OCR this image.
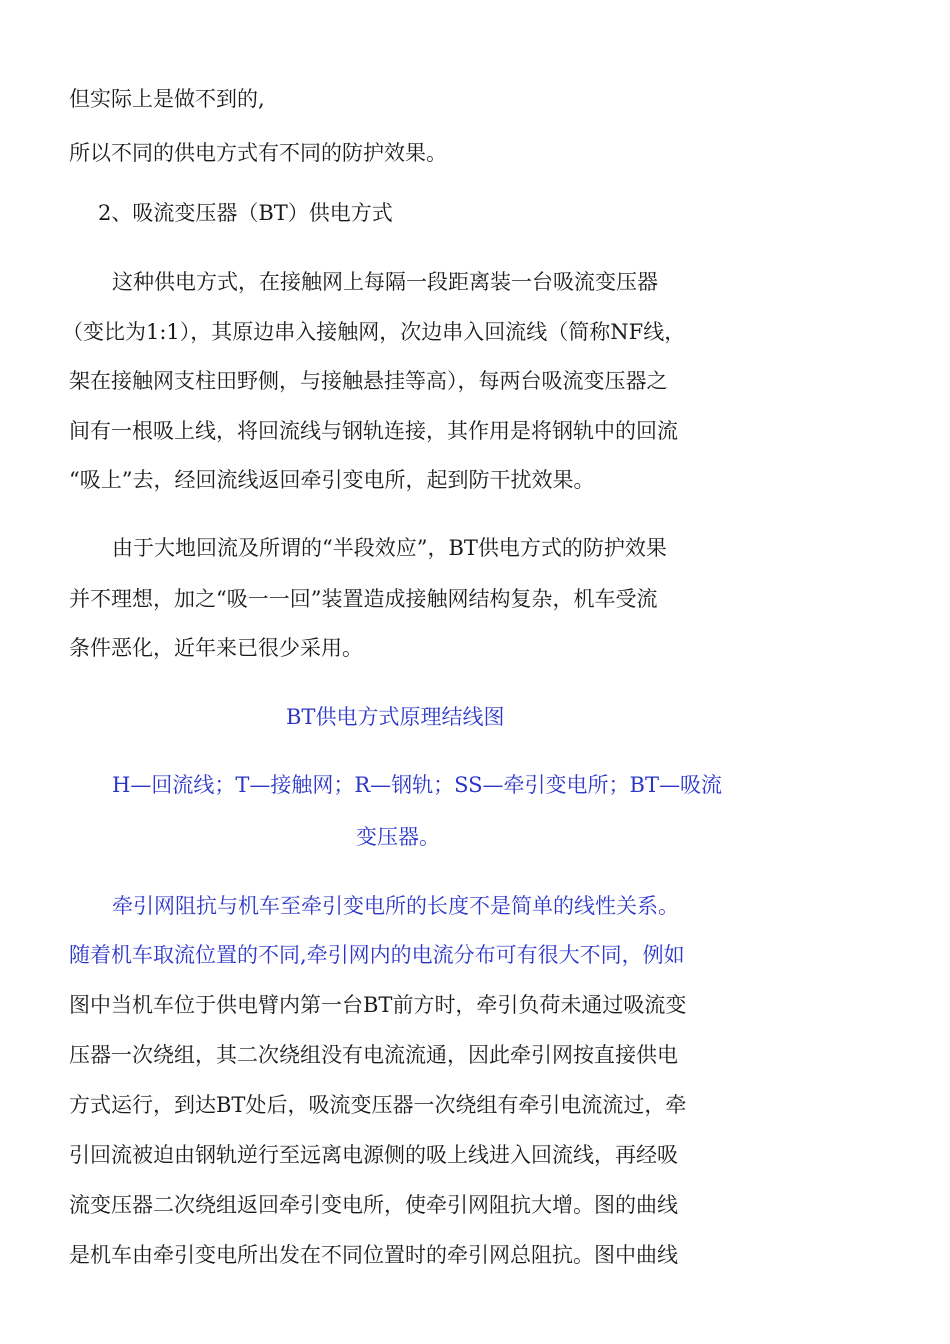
但实际上是做不到的,
所以不同的供电方式有不同的防护效果。
2、吸流变压器（BT）供电方式
这种供电方式，在接触网上每隔一段距离装一台吸流变压器
（变比为1:1），其原边串入接触网，次边串入回流线（简称NF线，
架在接触网支柱田野侧，与接触悬挂等高），每两台吸流变压器之
间有一根吸上线，将回流线与钢轨连接，其作用是将钢轨中的回流
“吸上”去，经回流线返回牵引变电所，起到防干扰效果。
由于大地回流及所谓的“半段效应”，BT供电方式的防护效果
并不理想，加之“吸一一回”装置造成接触网结构复杂，机车受流
条件恶化，近年来已很少采用。
BT供电方式原理结线图
H—回流线；T—接触网；R—钢轨；SS—牵引变电所；BT—吸流
变压器。
牵引网阻抗与机车至牵引变电所的长度不是简单的线性关系。
随着机车取流位置的不同,牵引网内的电流分布可有很大不同，例如
图中当机车位于供电臂内第一台BT前方时，牵引负荷未通过吸流变
压器一次绕组，其二次绕组没有电流流通，因此牵引网按直接供电
方式运行，到达BT处后，吸流变压器一次绕组有牵引电流流过，牵
引回流被迫由钢轨逆行至远离电源侧的吸上线进入回流线，再经吸
流变压器二次绕组返回牵引变电所，使牵引网阻抗大增。图的曲线
是机车由牵引变电所出发在不同位置时的牵引网总阻抗。图中曲线
